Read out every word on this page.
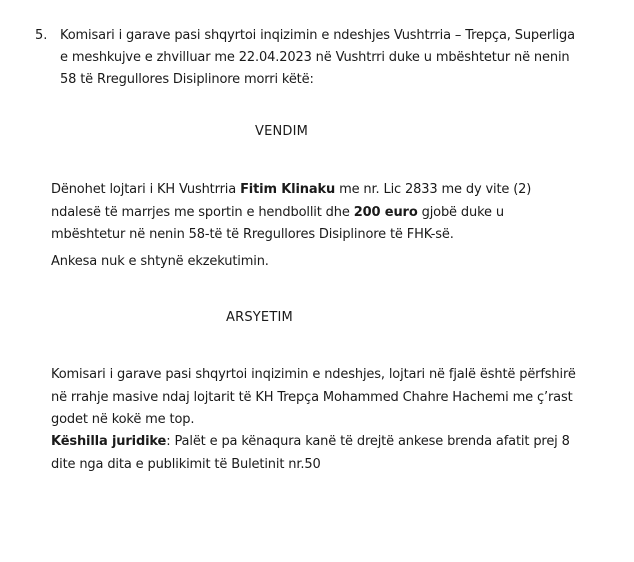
5. Komisari i garave pasi shqyrtoi inqizimin e ndeshjes Vushtrria – Trepça, Superliga e meshkujve e zhvilluar me 22.04.2023 në Vushtrri duke u mbështetur në nenin 58 të Rregullores Disiplinore morri këtë:
VENDIM
Dënohet lojtari i KH Vushtrria Fitim Klinaku me nr. Lic 2833 me dy vite (2) ndalesë të marrjes me sportin e hendbollit dhe 200 euro gjobë duke u mbështetur në nenin 58-të të Rregullores Disiplinore të FHK-së.
Ankesa nuk e shtynë ekzekutimin.
ARSYETIM
Komisari i garave pasi shqyrtoi inqizimin e ndeshjes, lojtari në fjalë është përfshirë në rrahje masive ndaj lojtarit të KH Trepça Mohammed Chahre Hachemi me ç’rast godet në kokë me top.
Këshilla juridike: Palët e pa kënaqura kanë të drejtë ankese brenda afatit prej 8 dite nga dita e publikimit të Buletinit nr.50
